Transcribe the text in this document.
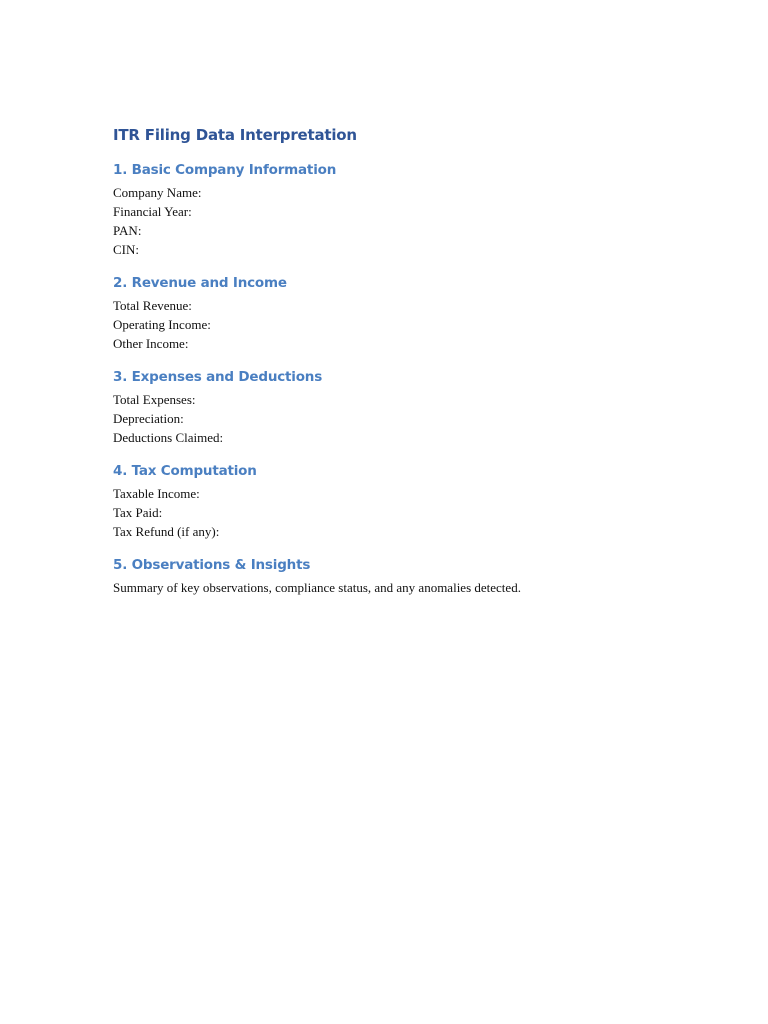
ITR Filing Data Interpretation
1. Basic Company Information
Company Name:
Financial Year:
PAN:
CIN:
2. Revenue and Income
Total Revenue:
Operating Income:
Other Income:
3. Expenses and Deductions
Total Expenses:
Depreciation:
Deductions Claimed:
4. Tax Computation
Taxable Income:
Tax Paid:
Tax Refund (if any):
5. Observations & Insights

Summary of key observations, compliance status, and any anomalies detected.
